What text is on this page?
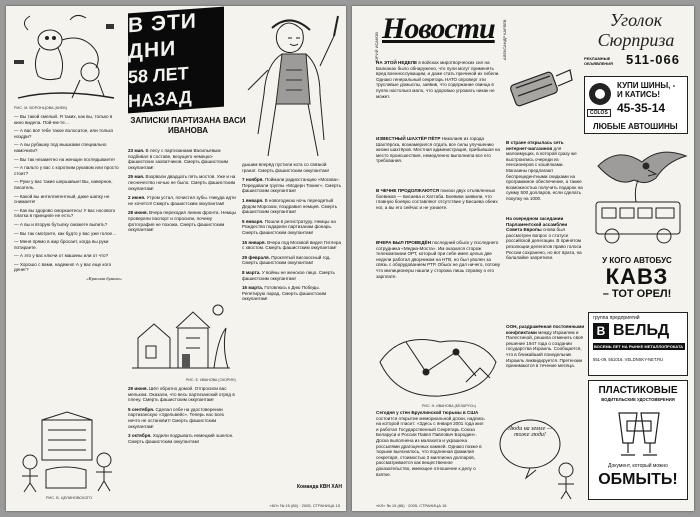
РИС. М. ВОРОНЦОВА (КИЕВ)

— Вы такой смелый. Я таких, как вы, только в кино видела. Пой-ем-те…

— А вас всё тебе такое волосатое, или только ноздри?

— А вы рубашку под мышками специально намочили?

— Вы так незаметно на женщин поглядываете!

— А пальто у вас с коротким рукавом или просто стоит?

— Руки у вас такие шершавые! Вы, наверное, писатель.

— Какой вы интеллигентный, даже шапку не снимаете!

— Как вы здорово сморкаетесь! У вас носового платка в принципе не есть?

— А вы и вторую бутылку сможете выпить?

— Вы так смотрите, как будто у вас уже голое…

— Меня прямо в жар бросает, когда вы руки потираете.

— А это у вас ключи от машины или от что?

— Хорошо с вами, надежно! А у вас еще кого денег?

«Красная бумага»

РИС. В. ЦЕЛИНОВСКОГО
В ЭТИ ДНИ
58 ЛЕТ НАЗАД
ЗАПИСКИ ПАРТИЗАНА ВАСИ ИВАНОВА

23 мая. В лесу с партизанами Васильевым подбивал в составе, везущего немецко-фашистских захватчиков. Смерть фашистским оккупантам!

25 мая. Взорвали двадцать пять мостов. Уже и на лесничество ночью не было. Смерть фашистским оккупантам!

2 июня. Утром устал, почистил зубы. Никуда идти не хочется! Смерть фашистским оккупантам!

28 июня. Вчера переходил линию фронта. Немцы проверяли паспорт и спросили, почему фотография не похожа. Смерть фашистским оккупантам!

РИС. Е. ИВАНОВА (СКОРИН)

29 июня. Шёл обратно домой. Отпросили вас мельком. Оказали, что весь партизанский отряд в плену. Смерть фашистским оккупантам!

5 сентября. Сделал себе на удостоверении партизанскую «Эдельвейс». Теперь нас всех ничто не остановит! Смерть фашистским оккупантам!

3 октября. Ходили подрывать немецкий эшелон. Смерть фашистским оккупантам!

дышим вперёд пустили кота со связкой гранат. Смерть фашистским оккупантам!

7 ноября. Поймали радиостанцию «Москва». Передавали группы «Модерн Токинг». Смерть фашистским оккупантам!

1 января. В новогоднюю ночь переодетый Дедом Морозом, поздравил немцев. Смерть фашистским оккупантам!

5 января. Пошли в регистратуру. Немцы на Рождество подарили партизанам фонарь. Смерть фашистским оккупантам!

15 января. Вчера под Москвой видел Гитлера с хвостом. Смерть фашистским оккупантам!

29 февраля. Проклятый високосный год. Смерть фашистским оккупантам!

8 марта. У войны не женское лицо. Смерть фашистским оккупантам!

16 марта. Готовлюсь к Дню Победы. Репетирую парад. Смерть фашистским оккупантам!

Команда КВН ХАН
«КЛ» № 15 (86) · 2005, СТРАНИЦА 15
ЮРИЙ ИСАКОВ
Новости	АЛЕКСАНДР КАРЛЕВ	Уголок Сюрприза
РЕКЛАМНЫЕ ОБЪЯВЛЕНИЯ	511-066
НА ЭТОЙ НЕДЕЛЕ в войсках миротворческих сил на Балканах было обнаружено, что пули могут применять вред военнослужащим, и даже стать причиной их гибели. Однако генеральный секретарь НАТО опроверг эти трусливые домыслы, заявив, что содержание свинца в пулях настолько мало, что здоровью угрожать никак не может.
ИЗВЕСТНЫЙ ШАХТЁР ПЁТР Николаев из города Шахтёрска, вознамерился отдать все силы улучшению жизни шахтёров. Местная администрация, прибывшая на место происшествия, немедленно выполнила все его требования.
В ЧЕЧНЕ ПРОДОЛЖАЮТСЯ поиски двух отъявленных боевиков — Бисаева и Хаттаба. Боевики заявили, что главную боевую составляют отсутствие у Бисаева обеих ног, а вы его сейчас и не узнаете.
ВЧЕРА БЫЛ ПРОВЕДЁН последний обыск у последнего сотрудника «Медиа-Моста». Им оказался сторож телекомпании ОРТ, который при себе имел целых две недели работал дворником на НТВ, но был уволен за связь с оборудованием РТР. Обыск не дал ничего, потому что милиционеры нашли у сторожа лишь справку о его зарплате.
В стране открылась сеть интернет-магазинов для малоимущих, в которой сразу же выстроились очереди из пенсионеров с кошёлками. Магазины предлагают беспрецедентными скидками на программное обеспечение, а также возможностью получить подарок на сумму 500 долларов, если сделать покупку на 1000.
На очередном заседании Парламентской ассамблеи Совета Европы снова был рассмотрен вопрос о статусе российской делегации. В принятом резолюции делегатов право голоса России сохранено, но вот врата, на балалайке запретили.
COLOS
КУПИ ШИНЫ, -
И КАТИСЬ!
45-35-14
ЛЮБЫЕ АВТОШИНЫ
У КОГО АВТОБУС
КАВЗ
– ТОТ ОРЕЛ!
РИС. Н. ИВАНОВА (БЕЛАРУСЬ)
ООН, раздражённая постоянными конфликтами между Израилем и Палестиной, решила отменить своё решение 1947 года о создании государства Израиль. Сообщается, что в ближайший понедельник Израиль ликвидируется. Претензии принимаются в течение месяца.
группа предприятий
B ВЕЛЬД
ВОСЕМЬ ЛЕТ НА РЫНКЕ МЕТАЛЛОПРОКАТА
551-09, 551016, VELDNSKY-NET.RU
ПЛАСТИКОВЫЕ
ВОДИТЕЛЬСКИЕ УДОСТОВЕРЕНИЯ
Документ, который можно
ОБМЫТЬ!
Сегодня у стен Бруклинской тюрьмы в США состоится открытие мемориальной доски, надпись на которой гласит: «Здесь с января 2001 года жил и работал Государственный Секретарь Союза Беларуси и России Павел Павлович Бородин». Доска выполнена из малахита и украшена россыпями драгоценных камней. Однако позже в тюрьме выяснилось, что подлинная фамилия секретаря, стоимостью 3 миллиона долларов, рассматривается как вещественное доказательство, имеющее отношение к делу о взятке.
Люди на земле — тоже люди!
«КЛ» № 15 (86) · 2005, СТРАНИЦА 16
